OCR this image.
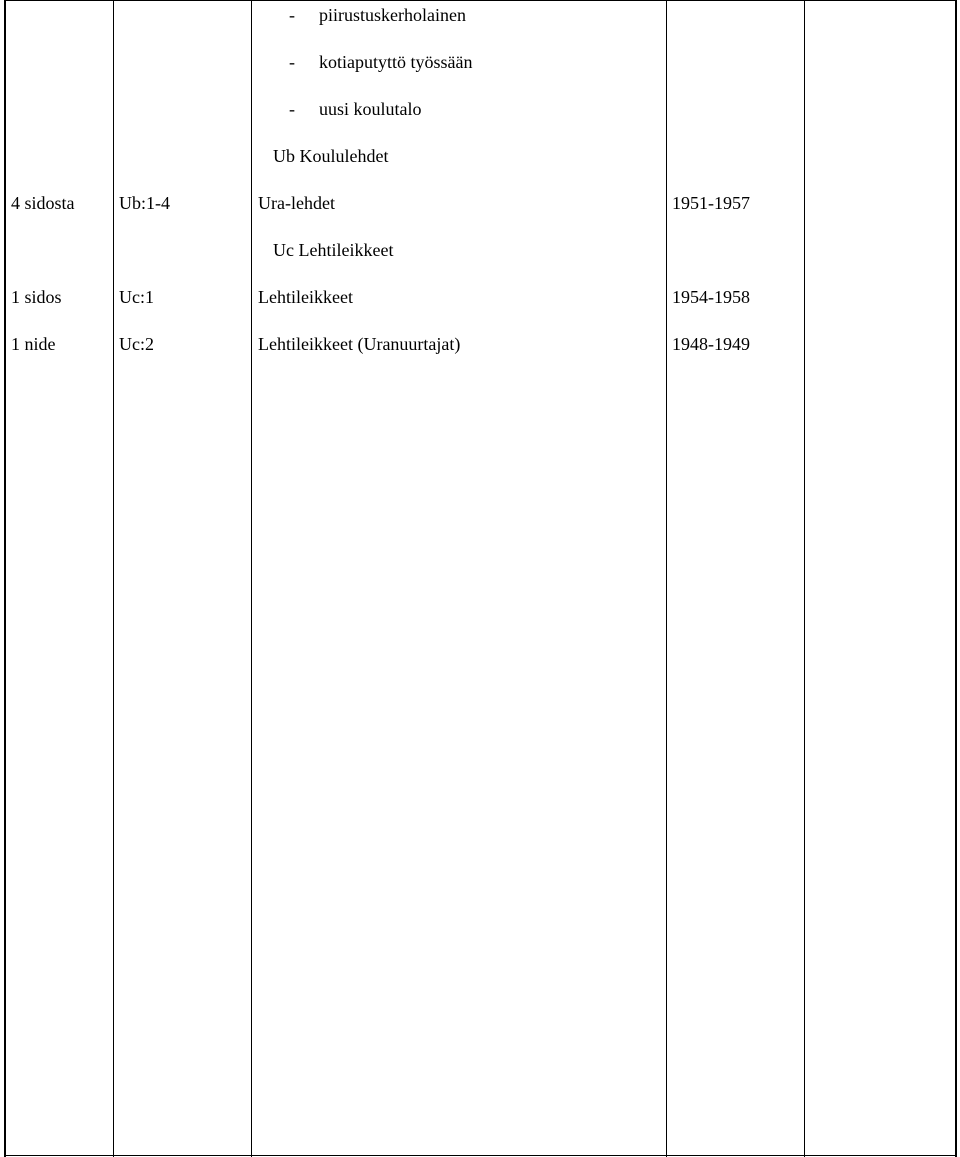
- piirustuskerholainen
- kotiaputyttö työssään
- uusi koulutalo
Ub Koululehdet
4 sidosta Ub:1-4	Ura-lehdet	1951-1957
Uc Lehtileikkeet
1 sidos	Uc:1	Lehtileikkeet	1954-1958
1 nide	Uc:2	Lehtileikkeet (Uranuurtajat)	1948-1949
